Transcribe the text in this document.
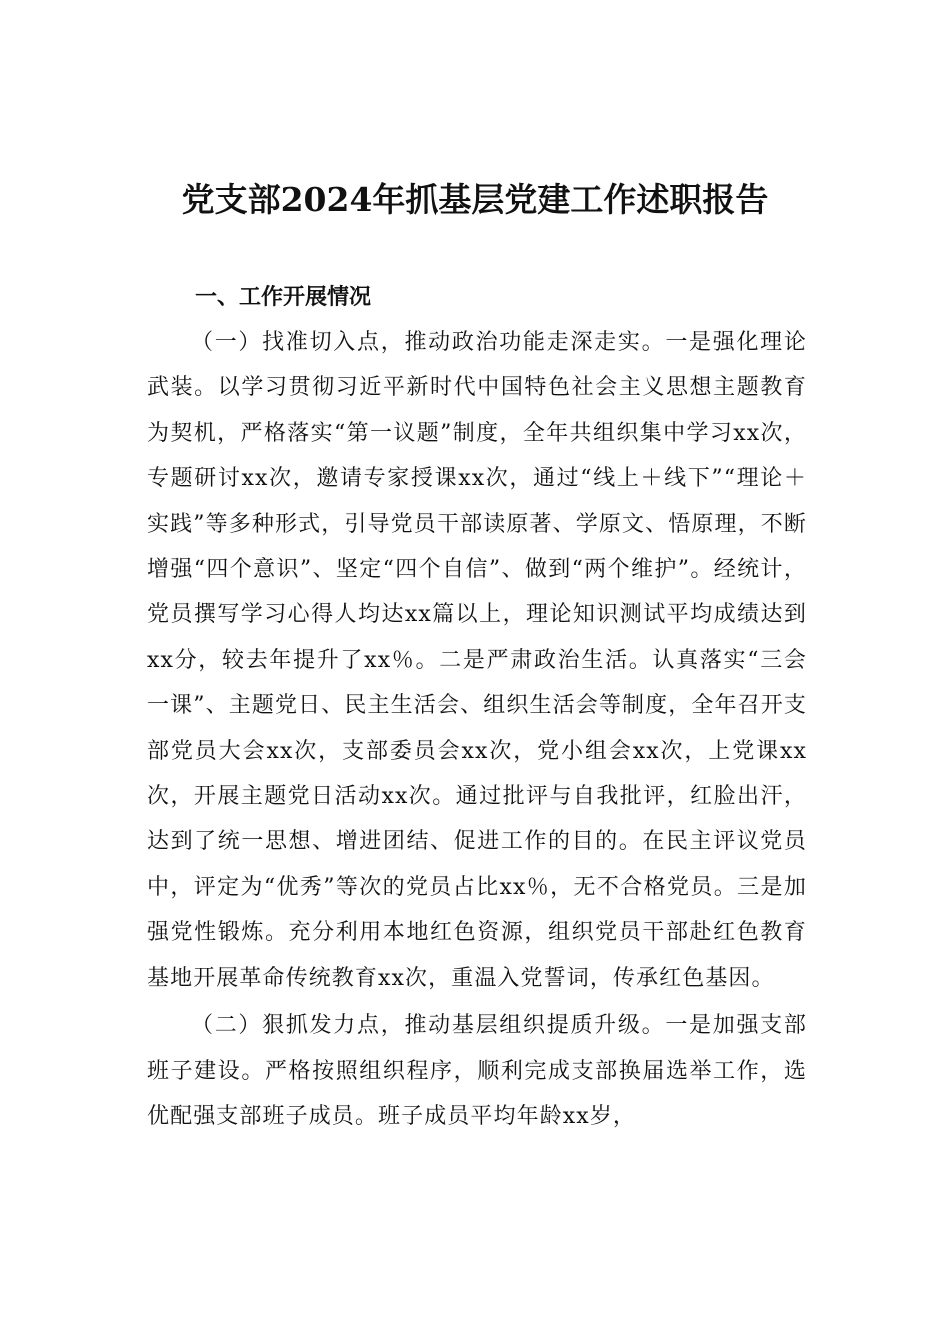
党支部2024年抓基层党建工作述职报告
一、工作开展情况

（一）找准切入点，推动政治功能走深走实。一是强化理论武装。以学习贯彻习近平新时代中国特色社会主义思想主题教育为契机，严格落实“第一议题”制度，全年共组织集中学习xx次，专题研讨xx次，邀请专家授课xx次，通过“线上＋线下”“理论＋实践”等多种形式，引导党员干部读原著、学原文、悟原理，不断增强“四个意识”、坚定“四个自信”、做到“两个维护”。经统计，党员撰写学习心得人均达xx篇以上，理论知识测试平均成绩达到xx分，较去年提升了xx％。二是严肃政治生活。认真落实“三会一课”、主题党日、民主生活会、组织生活会等制度，全年召开支部党员大会xx次，支部委员会xx次，党小组会xx次，上党课xx次，开展主题党日活动xx次。通过批评与自我批评，红脸出汗，达到了统一思想、增进团结、促进工作的目的。在民主评议党员中，评定为“优秀”等次的党员占比xx％，无不合格党员。三是加强党性锻炼。充分利用本地红色资源，组织党员干部赴红色教育基地开展革命传统教育xx次，重温入党誓词，传承红色基因。

（二）狠抓发力点，推动基层组织提质升级。一是加强支部班子建设。严格按照组织程序，顺利完成支部换届选举工作，选优配强支部班子成员。班子成员平均年龄xx岁，
